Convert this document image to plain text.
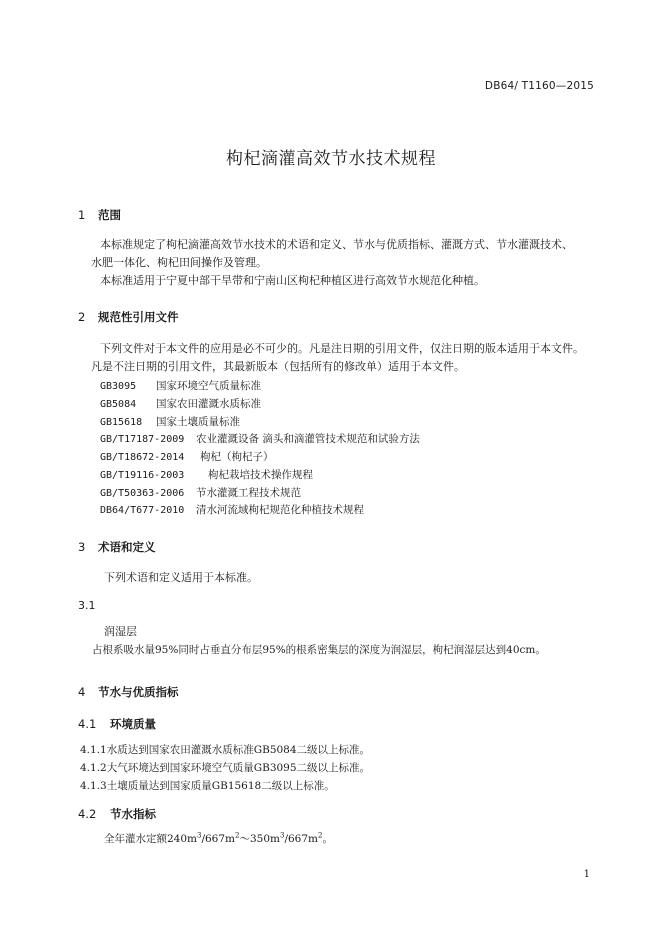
DB64/ T1160—2015
枸杞滴灌高效节水技术规程
1 范围
本标准规定了枸杞滴灌高效节水技术的术语和定义、节水与优质指标、灌溉方式、节水灌溉技术、
水肥一体化、枸杞田间操作及管理。
本标准适用于宁夏中部干旱带和宁南山区枸杞种植区进行高效节水规范化种植。
2 规范性引用文件
下列文件对于本文件的应用是必不可少的。凡是注日期的引用文件，仅注日期的版本适用于本文件。
凡是不注日期的引用文件，其最新版本（包括所有的修改单）适用于本文件。
GB3095 国家环境空气质量标准
GB5084 国家农田灌溉水质标准
GB15618 国家土壤质量标准
GB/T17187-2009 农业灌溉设备 滴头和滴灌管技术规范和试验方法
GB/T18672-2014 枸杞（枸杞子）
GB/T19116-2003 枸杞栽培技术操作规程
GB/T50363-2006 节水灌溉工程技术规范
DB64/T677-2010 清水河流域枸杞规范化种植技术规程
3 术语和定义
下列术语和定义适用于本标准。
3.1
润湿层
占根系吸水量95%同时占垂直分布层95%的根系密集层的深度为润湿层，枸杞润湿层达到40cm。
4 节水与优质指标
4.1 环境质量
4.1.1水质达到国家农田灌溉水质标准GB5084二级以上标准。
4.1.2大气环境达到国家环境空气质量GB3095二级以上标准。
4.1.3土壤质量达到国家质量GB15618二级以上标准。
4.2 节水指标
全年灌水定额$240m^3/667m^2\sim 350m^3/667m^2$。
1
